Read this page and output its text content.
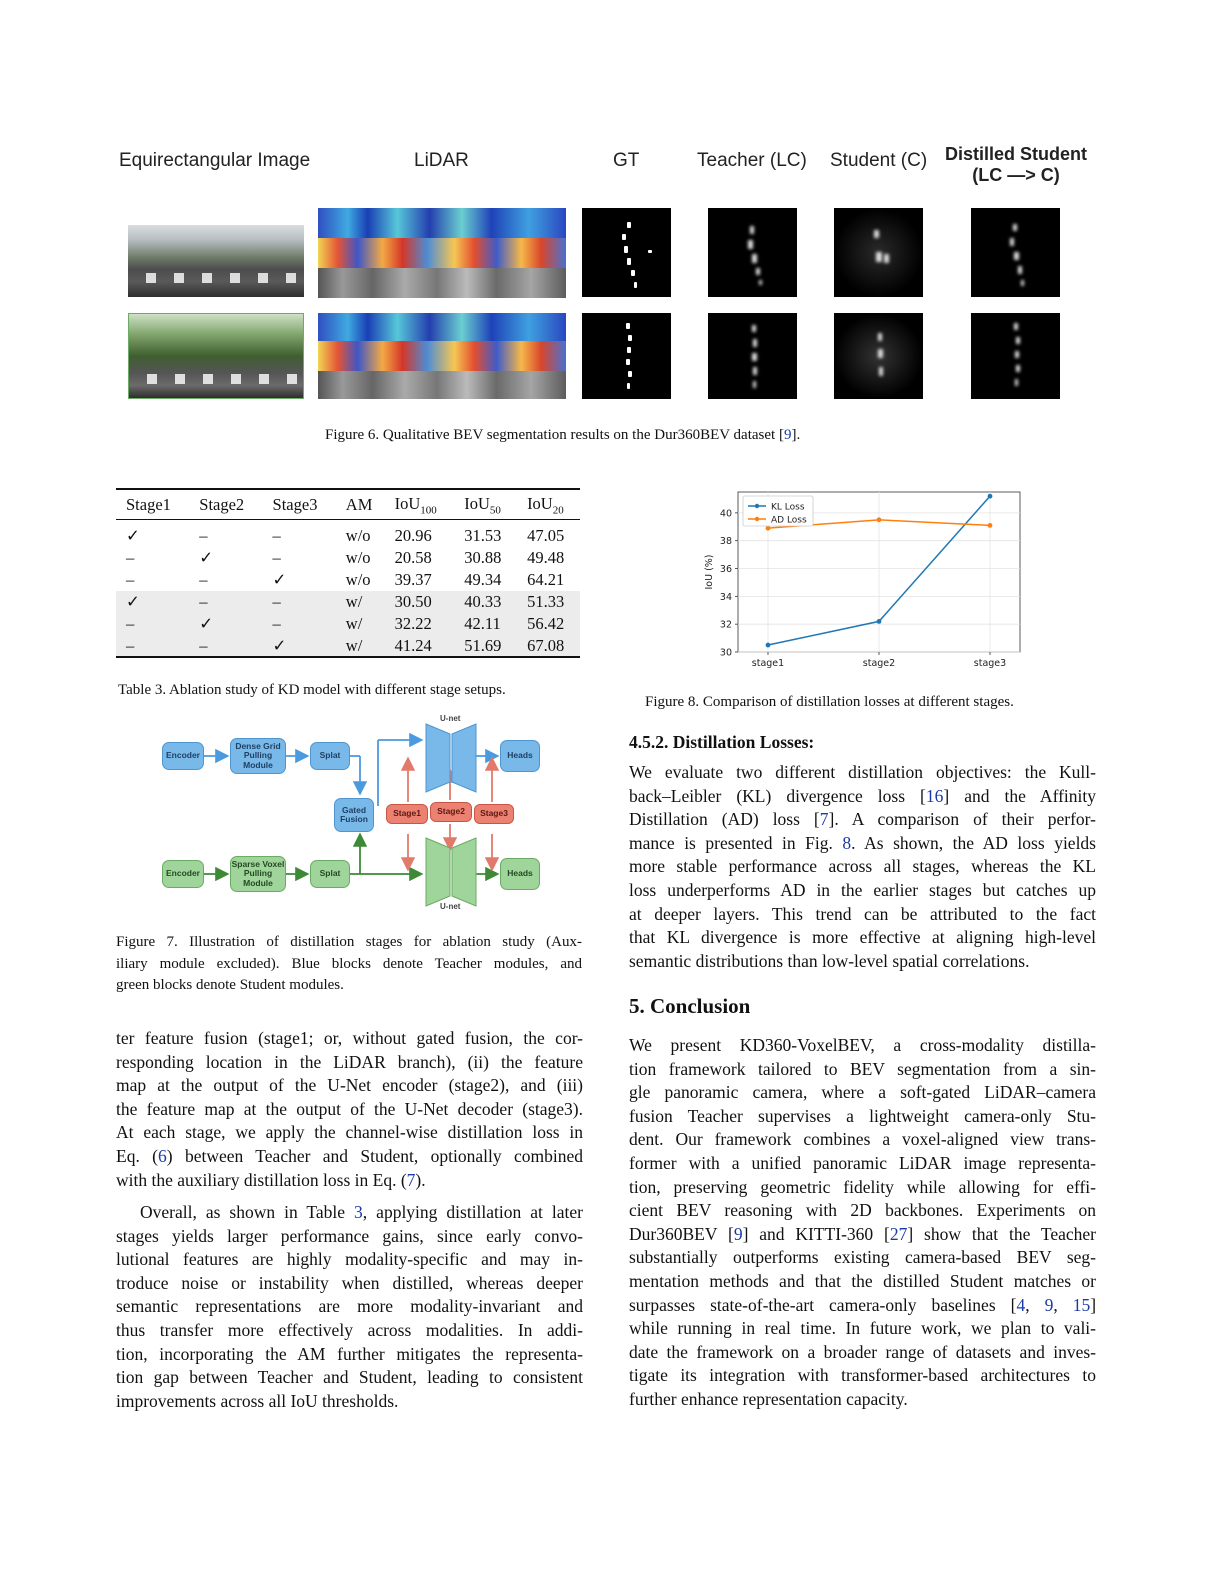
Equirectangular Image	LiDAR	GT	Teacher (LC) Student (C) Distilled Student
(LC —> C)
Figure 6. Qualitative BEV segmentation results on the Dur360BEV dataset [9].
Stage1	Stage2	Stage3	AM	IoU$_{100}$	IoU$_{50}$	IoU$_{20}$
✓	–	–	w/o	20.96	31.53	47.05
–	✓	–	w/o	20.58	30.88	49.48
–	–	✓	w/o	39.37	49.34	64.21
✓	–	–	w/	30.50	40.33	51.33
–	✓	–	w/	32.22	42.11	56.42
–	–	✓	w/	41.24	51.69	67.08
Table 3. Ablation study of KD model with different stage setups.
U-net
U-net
Encoder
Dense Grid Pulling Module
Splat	Heads
Gated Fusion
Stage1	Stage2	Stage3
Encoder
Sparse Voxel Pulling Module
Splat	Heads
Figure 7. Illustration of distillation stages for ablation study (Aux-
iliary module excluded). Blue blocks denote Teacher modules, and
green blocks denote Student modules.
ter feature fusion (stage1; or, without gated fusion, the cor-
responding location in the LiDAR branch), (ii) the feature
map at the output of the U-Net encoder (stage2), and (iii)
the feature map at the output of the U-Net decoder (stage3).
At each stage, we apply the channel-wise distillation loss in
Eq. (6) between Teacher and Student, optionally combined
with the auxiliary distillation loss in Eq. (7).
Overall, as shown in Table 3, applying distillation at later
stages yields larger performance gains, since early convo-
lutional features are highly modality-specific and may in-
troduce noise or instability when distilled, whereas deeper
semantic representations are more modality-invariant and
thus transfer more effectively across modalities. In addi-
tion, incorporating the AM further mitigates the representa-
tion gap between Teacher and Student, leading to consistent
improvements across all IoU thresholds.
30
32
34
36
38
40
stage1	stage2	stage3
IoU (%)
KL Loss
AD Loss
Figure 8. Comparison of distillation losses at different stages.
4.5.2. Distillation Losses:
We evaluate two different distillation objectives: the Kull-
back–Leibler (KL) divergence loss [16] and the Affinity
Distillation (AD) loss [7]. A comparison of their perfor-
mance is presented in Fig. 8. As shown, the AD loss yields
more stable performance across all stages, whereas the KL
loss underperforms AD in the earlier stages but catches up
at deeper layers. This trend can be attributed to the fact
that KL divergence is more effective at aligning high-level
semantic distributions than low-level spatial correlations.
5. Conclusion
We present KD360-VoxelBEV, a cross-modality distilla-
tion framework tailored to BEV segmentation from a sin-
gle panoramic camera, where a soft-gated LiDAR–camera
fusion Teacher supervises a lightweight camera-only Stu-
dent. Our framework combines a voxel-aligned view trans-
former with a unified panoramic LiDAR image representa-
tion, preserving geometric fidelity while allowing for effi-
cient BEV reasoning with 2D backbones. Experiments on
Dur360BEV [9] and KITTI-360 [27] show that the Teacher
substantially outperforms existing camera-based BEV seg-
mentation methods and that the distilled Student matches or
surpasses state-of-the-art camera-only baselines [4, 9, 15]
while running in real time. In future work, we plan to vali-
date the framework on a broader range of datasets and inves-
tigate its integration with transformer-based architectures to
further enhance representation capacity.
